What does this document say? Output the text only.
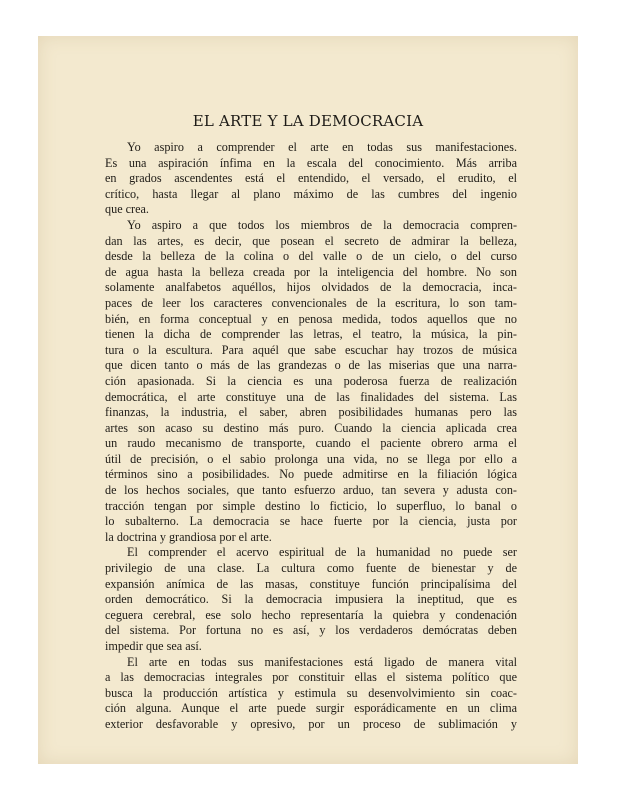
EL ARTE Y LA DEMOCRACIA
Yo aspiro a comprender el arte en todas sus manifestaciones.
Es una aspiración ínfima en la escala del conocimiento. Más arriba
en grados ascendentes está el entendido, el versado, el erudito, el
crítico, hasta llegar al plano máximo de las cumbres del ingenio
que crea.
Yo aspiro a que todos los miembros de la democracia compren-
dan las artes, es decir, que posean el secreto de admirar la belleza,
desde la belleza de la colina o del valle o de un cielo, o del curso
de agua hasta la belleza creada por la inteligencia del hombre. No son
solamente analfabetos aquéllos, hijos olvidados de la democracia, inca-
paces de leer los caracteres convencionales de la escritura, lo son tam-
bién, en forma conceptual y en penosa medida, todos aquellos que no
tienen la dicha de comprender las letras, el teatro, la música, la pin-
tura o la escultura. Para aquél que sabe escuchar hay trozos de música
que dicen tanto o más de las grandezas o de las miserias que una narra-
ción apasionada. Si la ciencia es una poderosa fuerza de realización
democrática, el arte constituye una de las finalidades del sistema. Las
finanzas, la industria, el saber, abren posibilidades humanas pero las
artes son acaso su destino más puro. Cuando la ciencia aplicada crea
un raudo mecanismo de transporte, cuando el paciente obrero arma el
útil de precisión, o el sabio prolonga una vida, no se llega por ello a
términos sino a posibilidades. No puede admitirse en la filiación lógica
de los hechos sociales, que tanto esfuerzo arduo, tan severa y adusta con-
tracción tengan por simple destino lo ficticio, lo superfluo, lo banal o
lo subalterno. La democracia se hace fuerte por la ciencia, justa por
la doctrina y grandiosa por el arte.
El comprender el acervo espiritual de la humanidad no puede ser
privilegio de una clase. La cultura como fuente de bienestar y de
expansión anímica de las masas, constituye función principalísima del
orden democrático. Si la democracia impusiera la ineptitud, que es
ceguera cerebral, ese solo hecho representaría la quiebra y condenación
del sistema. Por fortuna no es así, y los verdaderos demócratas deben
impedir que sea así.
El arte en todas sus manifestaciones está ligado de manera vital
a las democracias integrales por constituir ellas el sistema político que
busca la producción artística y estimula su desenvolvimiento sin coac-
ción alguna. Aunque el arte puede surgir esporádicamente en un clima
exterior desfavorable y opresivo, por un proceso de sublimación y
